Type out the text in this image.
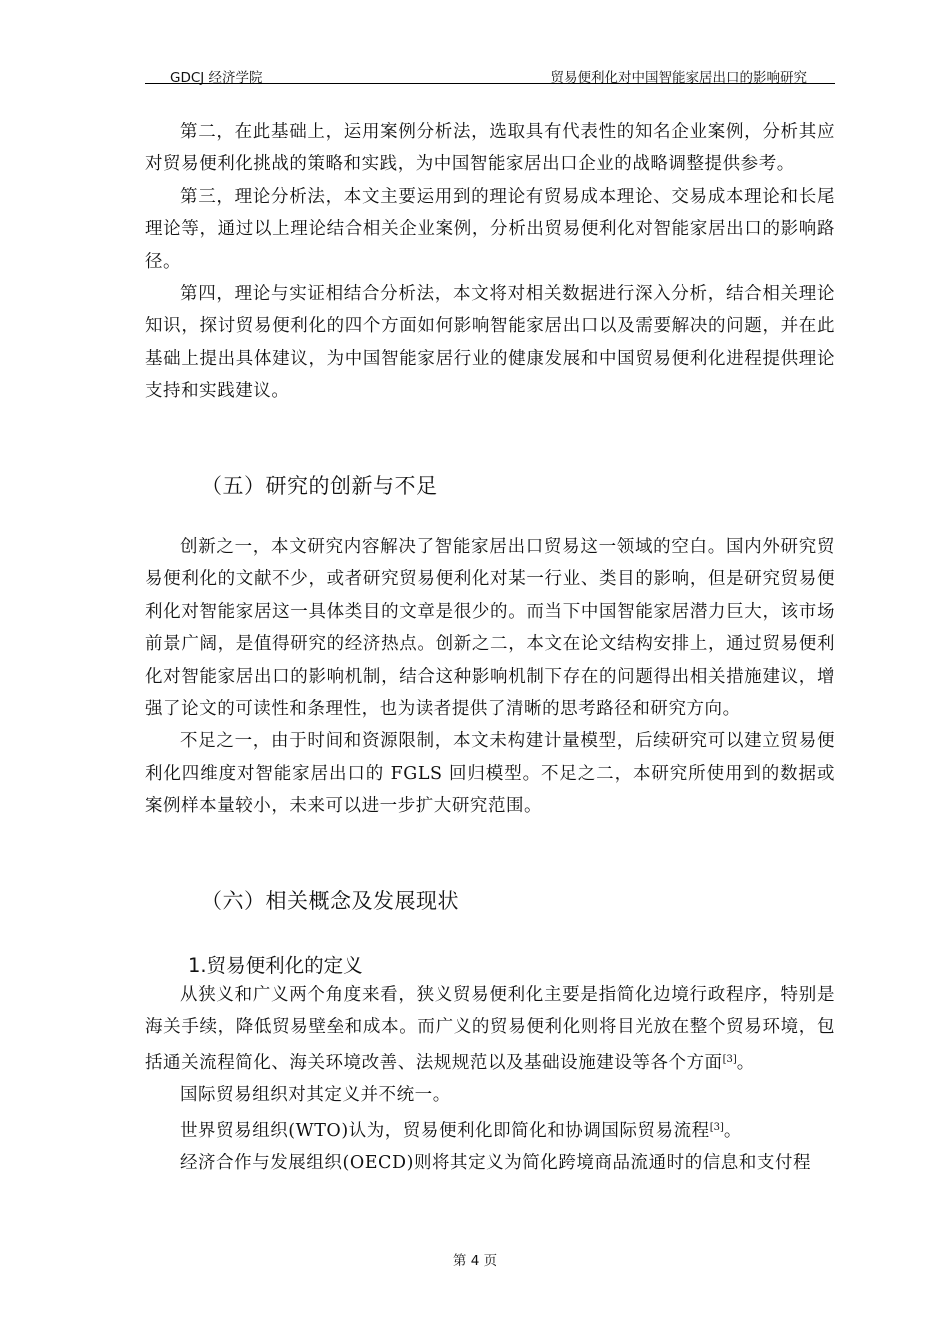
GDCJ 经济学院	贸易便利化对中国智能家居出口的影响研究

第二，在此基础上，运用案例分析法，选取具有代表性的知名企业案例，分析其应对贸易便利化挑战的策略和实践，为中国智能家居出口企业的战略调整提供参考。

第三，理论分析法，本文主要运用到的理论有贸易成本理论、交易成本理论和长尾理论等，通过以上理论结合相关企业案例，分析出贸易便利化对智能家居出口的影响路径。

第四，理论与实证相结合分析法，本文将对相关数据进行深入分析，结合相关理论知识，探讨贸易便利化的四个方面如何影响智能家居出口以及需要解决的问题，并在此基础上提出具体建议，为中国智能家居行业的健康发展和中国贸易便利化进程提供理论支持和实践建议。

（五）研究的创新与不足

创新之一，本文研究内容解决了智能家居出口贸易这一领域的空白。国内外研究贸易便利化的文献不少，或者研究贸易便利化对某一行业、类目的影响，但是研究贸易便利化对智能家居这一具体类目的文章是很少的。而当下中国智能家居潜力巨大，该市场前景广阔，是值得研究的经济热点。创新之二，本文在论文结构安排上，通过贸易便利化对智能家居出口的影响机制，结合这种影响机制下存在的问题得出相关措施建议，增强了论文的可读性和条理性，也为读者提供了清晰的思考路径和研究方向。

不足之一，由于时间和资源限制，本文未构建计量模型，后续研究可以建立贸易便利化四维度对智能家居出口的 FGLS 回归模型。不足之二，本研究所使用到的数据或案例样本量较小，未来可以进一步扩大研究范围。

（六）相关概念及发展现状
1.贸易便利化的定义

从狭义和广义两个角度来看，狭义贸易便利化主要是指简化边境行政程序，特别是海关手续，降低贸易壁垒和成本。而广义的贸易便利化则将目光放在整个贸易环境，包括通关流程简化、海关环境改善、法规规范以及基础设施建设等各个方面[3]。

国际贸易组织对其定义并不统一。

世界贸易组织(WTO)认为，贸易便利化即简化和协调国际贸易流程[3]。

经济合作与发展组织(OECD)则将其定义为简化跨境商品流通时的信息和支付程

第 4 页
